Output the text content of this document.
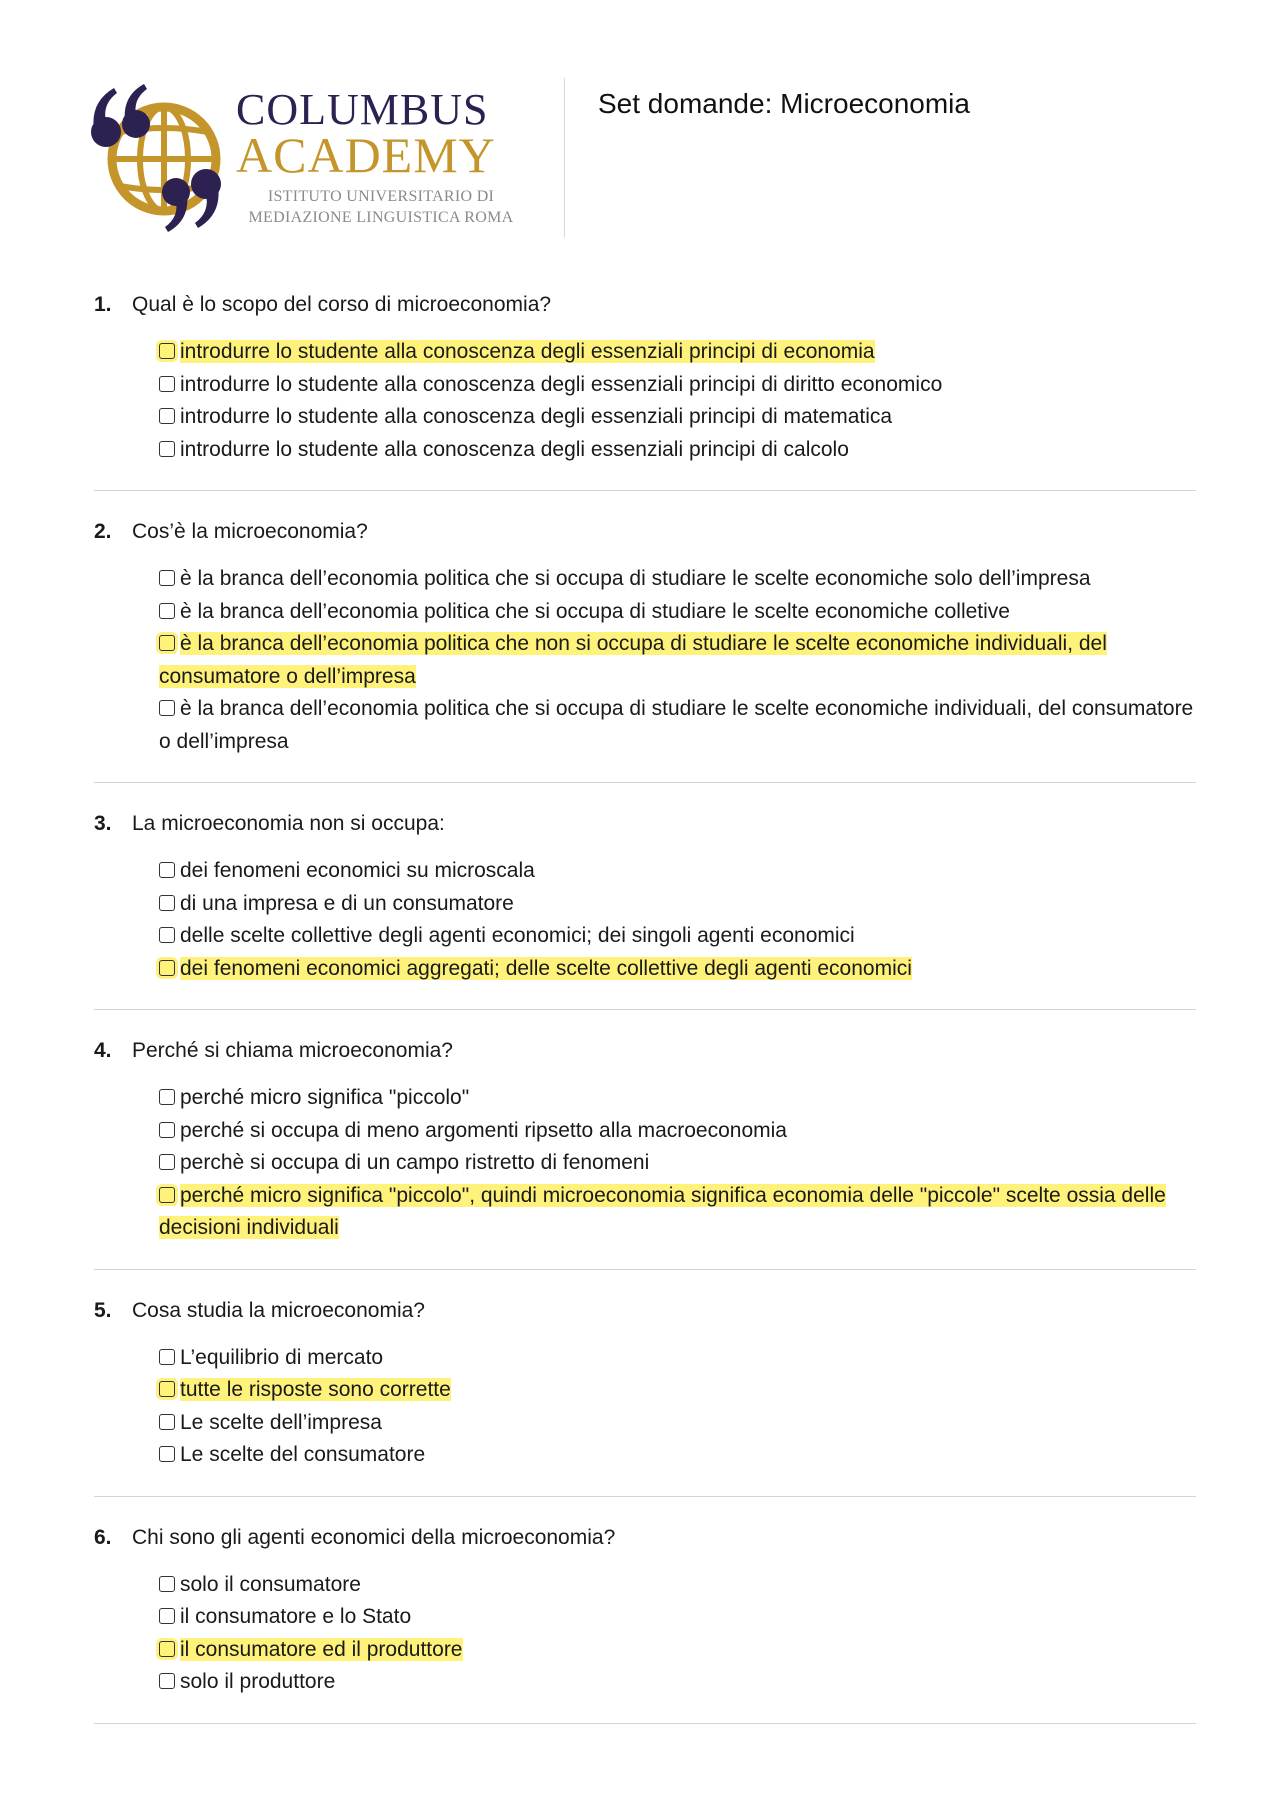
COLUMBUS
ACADEMY
ISTITUTO UNIVERSITARIO DI
MEDIAZIONE LINGUISTICA ROMA
Set domande: Microeconomia
1. Qual è lo scopo del corso di microeconomia?
introdurre lo studente alla conoscenza degli essenziali principi di economia
introdurre lo studente alla conoscenza degli essenziali principi di diritto economico
introdurre lo studente alla conoscenza degli essenziali principi di matematica
introdurre lo studente alla conoscenza degli essenziali principi di calcolo
2. Cos’è la microeconomia?
è la branca dell’economia politica che si occupa di studiare le scelte economiche solo dell’impresa
è la branca dell’economia politica che si occupa di studiare le scelte economiche colletive
è la branca dell’economia politica che non si occupa di studiare le scelte economiche individuali, del consumatore o dell’impresa
è la branca dell’economia politica che si occupa di studiare le scelte economiche individuali, del consumatore o dell’impresa
3. La microeconomia non si occupa:
dei fenomeni economici su microscala
di una impresa e di un consumatore
delle scelte collettive degli agenti economici; dei singoli agenti economici
dei fenomeni economici aggregati; delle scelte collettive degli agenti economici
4. Perché si chiama microeconomia?
perché micro significa "piccolo"
perché si occupa di meno argomenti ripsetto alla macroeconomia
perchè si occupa di un campo ristretto di fenomeni
perché micro significa "piccolo", quindi microeconomia significa economia delle "piccole" scelte ossia delle decisioni individuali
5. Cosa studia la microeconomia?
L’equilibrio di mercato
tutte le risposte sono corrette
Le scelte dell’impresa
Le scelte del consumatore
6. Chi sono gli agenti economici della microeconomia?
solo il consumatore
il consumatore e lo Stato
il consumatore ed il produttore
solo il produttore
